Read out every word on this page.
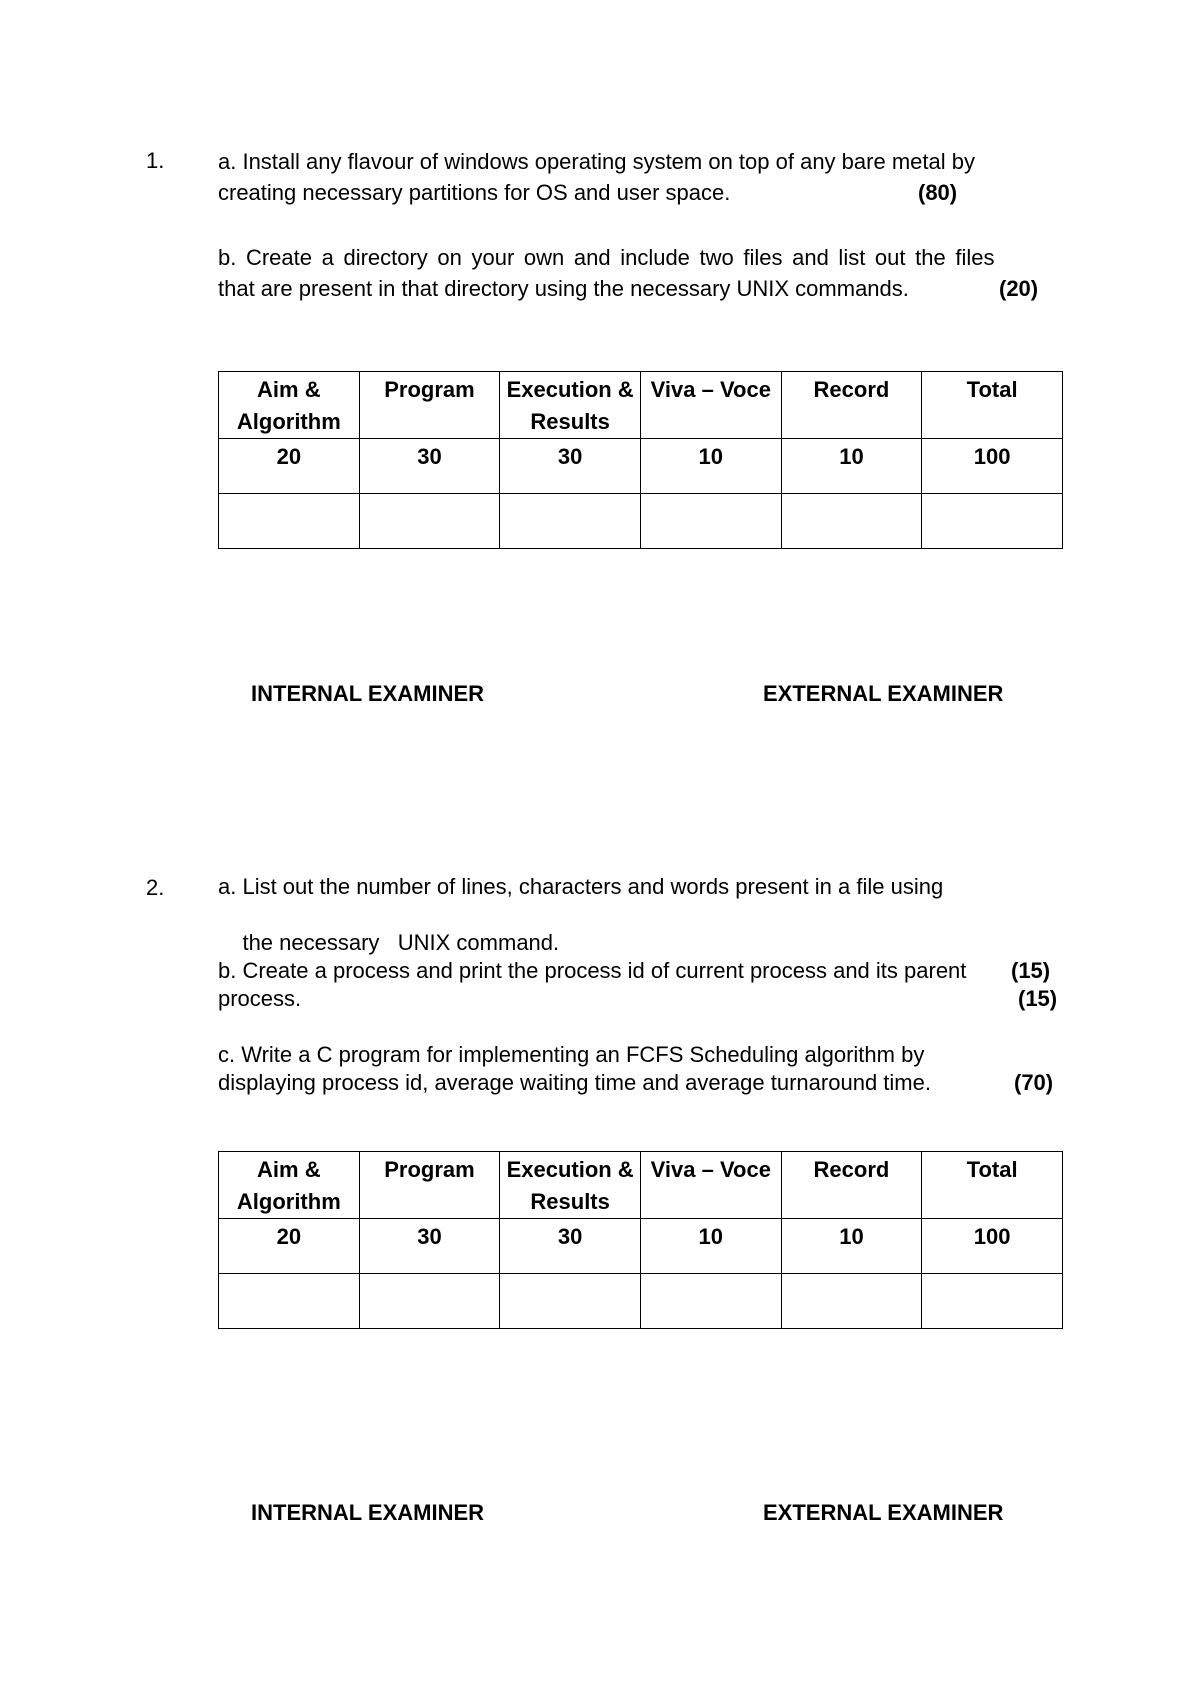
1. a. Install any flavour of windows operating system on top of any bare metal by
creating necessary partitions for OS and user space.	(80)
b. Create a directory on your own and include two files and list out the files
that are present in that directory using the necessary UNIX commands.	(20)
Aim & Algorithm	Program	Execution & Results	Viva – Voce	Record	Total
20	30	30	10	10	100

INTERNAL EXAMINER	EXTERNAL EXAMINER
2. a. List out the number of lines, characters and words present in a file using

the necessary   UNIX command.

(15)

b. Create a process and print the process id of current process and its parent
process.	(15)
c. Write a C program for implementing an FCFS Scheduling algorithm by
displaying process id, average waiting time and average turnaround time.	(70)
Aim & Algorithm	Program	Execution & Results	Viva – Voce	Record	Total
20	30	30	10	10	100

INTERNAL EXAMINER	EXTERNAL EXAMINER
